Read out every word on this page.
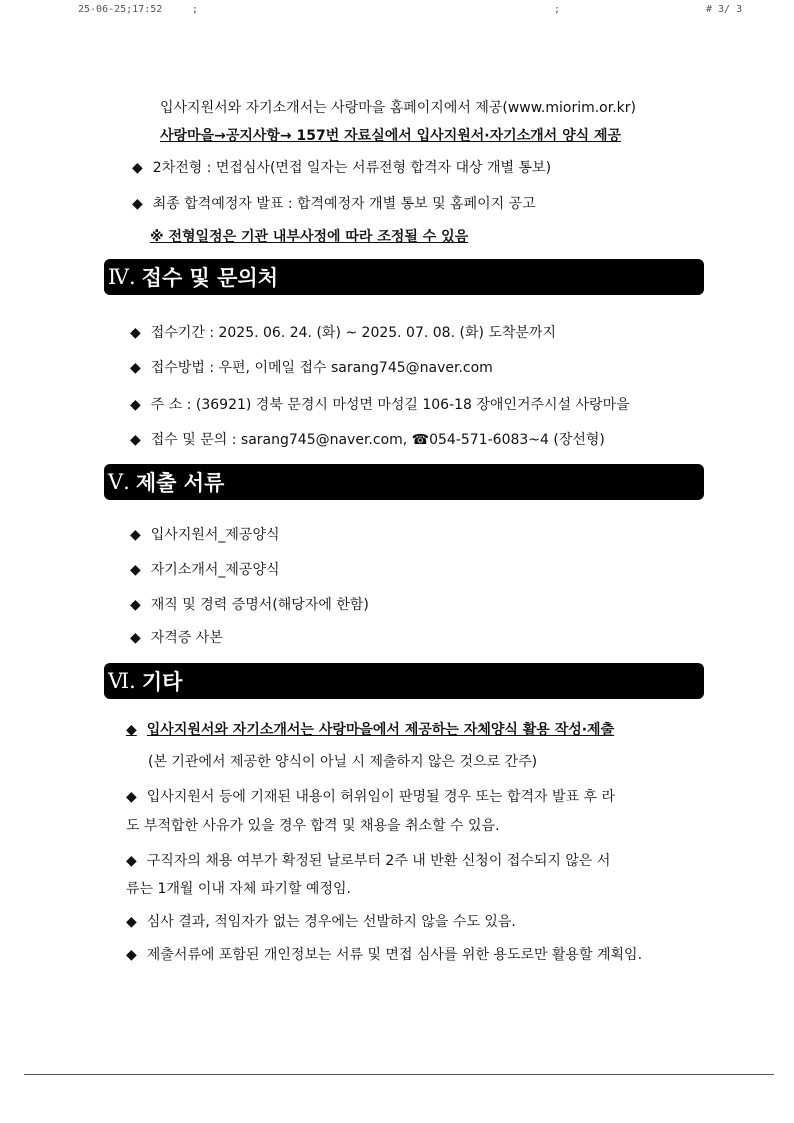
25-06-25;17:52	;	;	# 3/ 3
입사지원서와 자기소개서는 사랑마을 홈페이지에서 제공(www.miorim.or.kr)
사랑마을→공지사항→ 157번 자료실에서 입사지원서·자기소개서 양식 제공
◆ 2차전형 : 면접심사(면접 일자는 서류전형 합격자 대상 개별 통보)
◆ 최종 합격예정자 발표 : 합격예정자 개별 통보 및 홈페이지 공고
※ 전형일정은 기관 내부사정에 따라 조정될 수 있음
Ⅳ. 접수 및 문의처
◆ 접수기간 : 2025. 06. 24. (화) ~ 2025. 07. 08. (화) 도착분까지
◆ 접수방법 : 우편, 이메일 접수 sarang745@naver.com
◆ 주 소 : (36921) 경북 문경시 마성면 마성길 106-18 장애인거주시설 사랑마을
◆ 접수 및 문의 : sarang745@naver.com, ☎054-571-6083~4 (장선형)
Ⅴ. 제출 서류
◆ 입사지원서_제공양식
◆ 자기소개서_제공양식
◆ 재직 및 경력 증명서(해당자에 한함)
◆ 자격증 사본
Ⅵ. 기타
◆ 입사지원서와 자기소개서는 사랑마을에서 제공하는 자체양식 활용 작성·제출
(본 기관에서 제공한 양식이 아닐 시 제출하지 않은 것으로 간주)
◆ 입사지원서 등에 기재된 내용이 허위임이 판명될 경우 또는 합격자 발표 후 라
도 부적합한 사유가 있을 경우 합격 및 채용을 취소할 수 있음.
◆ 구직자의 채용 여부가 확정된 날로부터 2주 내 반환 신청이 접수되지 않은 서
류는 1개월 이내 자체 파기할 예정임.
◆ 심사 결과, 적임자가 없는 경우에는 선발하지 않을 수도 있음.
◆ 제출서류에 포함된 개인정보는 서류 및 면접 심사를 위한 용도로만 활용할 계획임.
